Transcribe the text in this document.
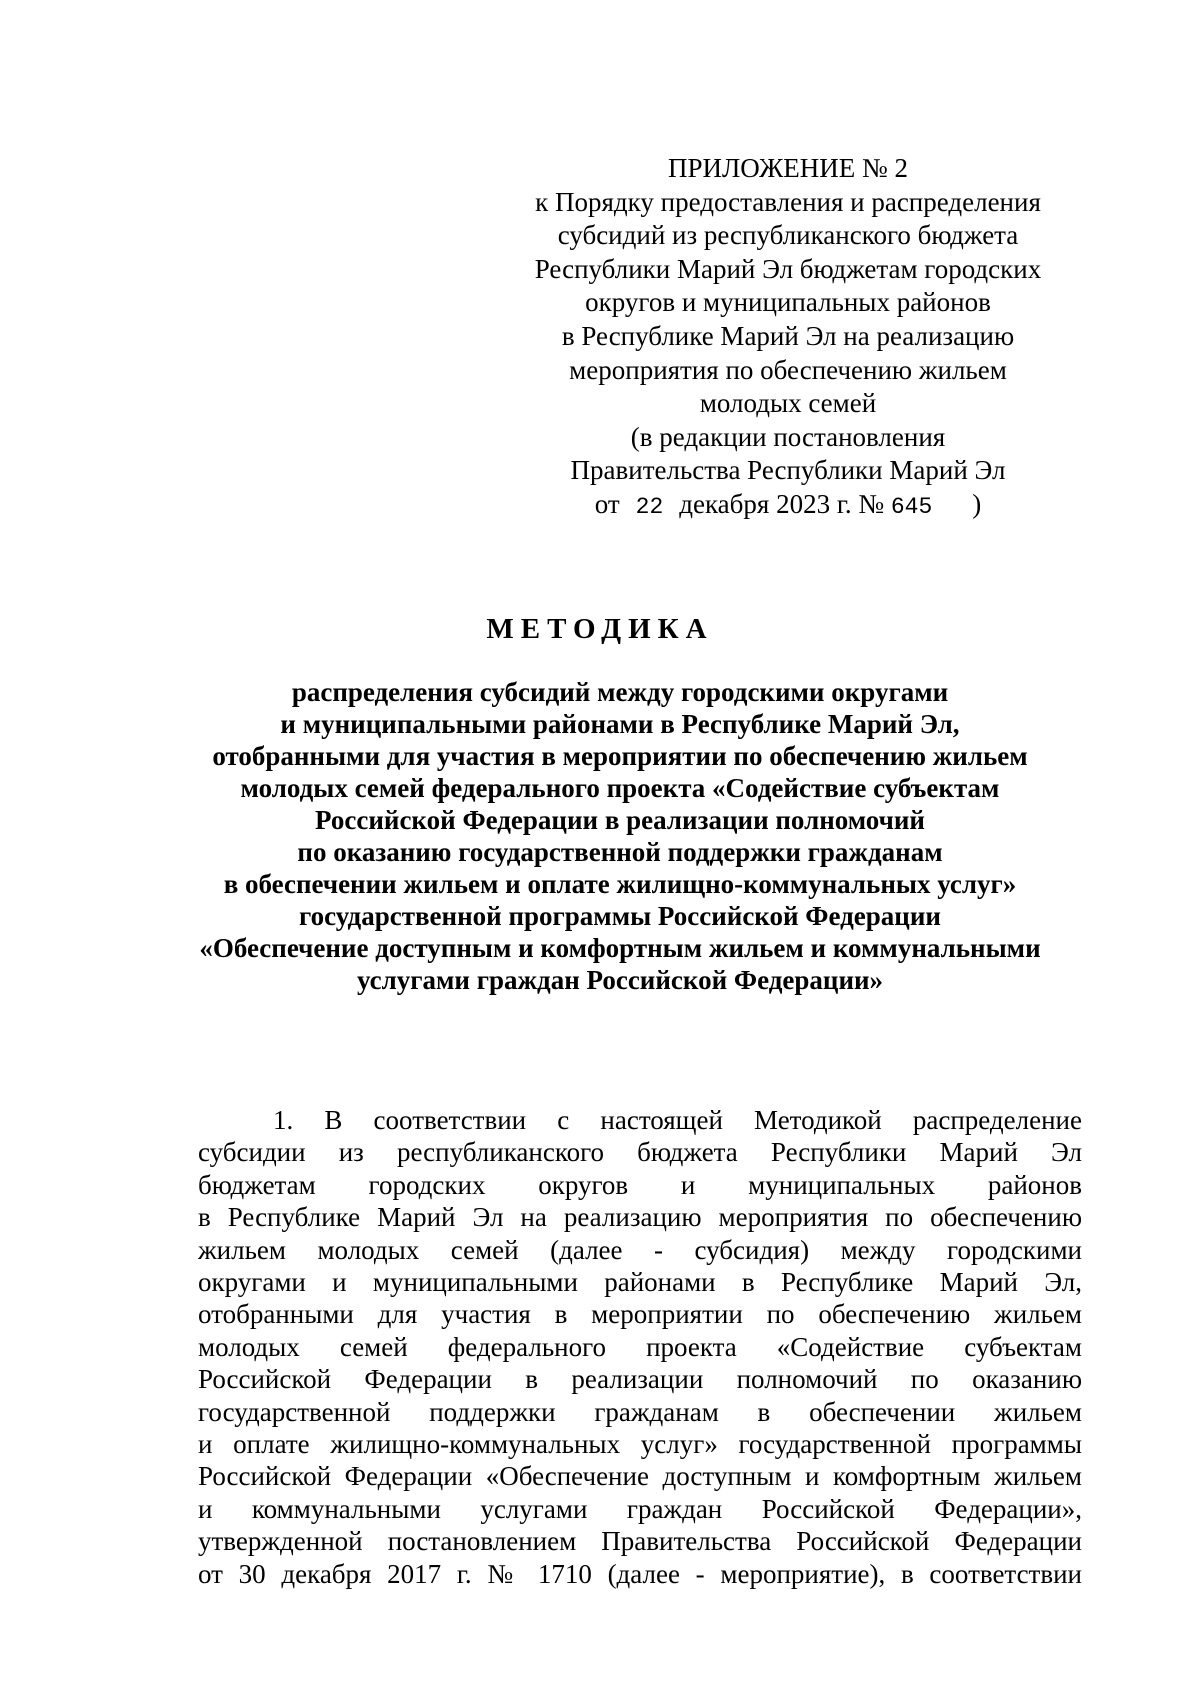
ПРИЛОЖЕНИЕ № 2
к Порядку предоставления и распределения
субсидий из республиканского бюджета
Республики Марий Эл бюджетам городских
округов и муниципальных районов
в Республике Марий Эл на реализацию
мероприятия по обеспечению жильем
молодых семей
(в редакции постановления
Правительства Республики Марий Эл
от 22 декабря 2023 г. № 645 )
МЕТОДИКА
распределения субсидий между городскими округами
и муниципальными районами в Республике Марий Эл,
отобранными для участия в мероприятии по обеспечению жильем
молодых семей федерального проекта «Содействие субъектам
Российской Федерации в реализации полномочий
по оказанию государственной поддержки гражданам
в обеспечении жильем и оплате жилищно-коммунальных услуг»
государственной программы Российской Федерации
«Обеспечение доступным и комфортным жильем и коммунальными
услугами граждан Российской Федерации»
1. В соответствии с настоящей Методикой распределение
субсидии из республиканского бюджета Республики Марий Эл
бюджетам городских округов и муниципальных районов
в Республике Марий Эл на реализацию мероприятия по обеспечению
жильем молодых семей (далее - субсидия) между городскими
округами и муниципальными районами в Республике Марий Эл,
отобранными для участия в мероприятии по обеспечению жильем
молодых семей федерального проекта «Содействие субъектам
Российской Федерации в реализации полномочий по оказанию
государственной поддержки гражданам в обеспечении жильем
и оплате жилищно-коммунальных услуг» государственной программы
Российской Федерации «Обеспечение доступным и комфортным жильем
и коммунальными услугами граждан Российской Федерации»,
утвержденной постановлением Правительства Российской Федерации
от 30 декабря 2017 г. № 1710 (далее - мероприятие), в соответствии
